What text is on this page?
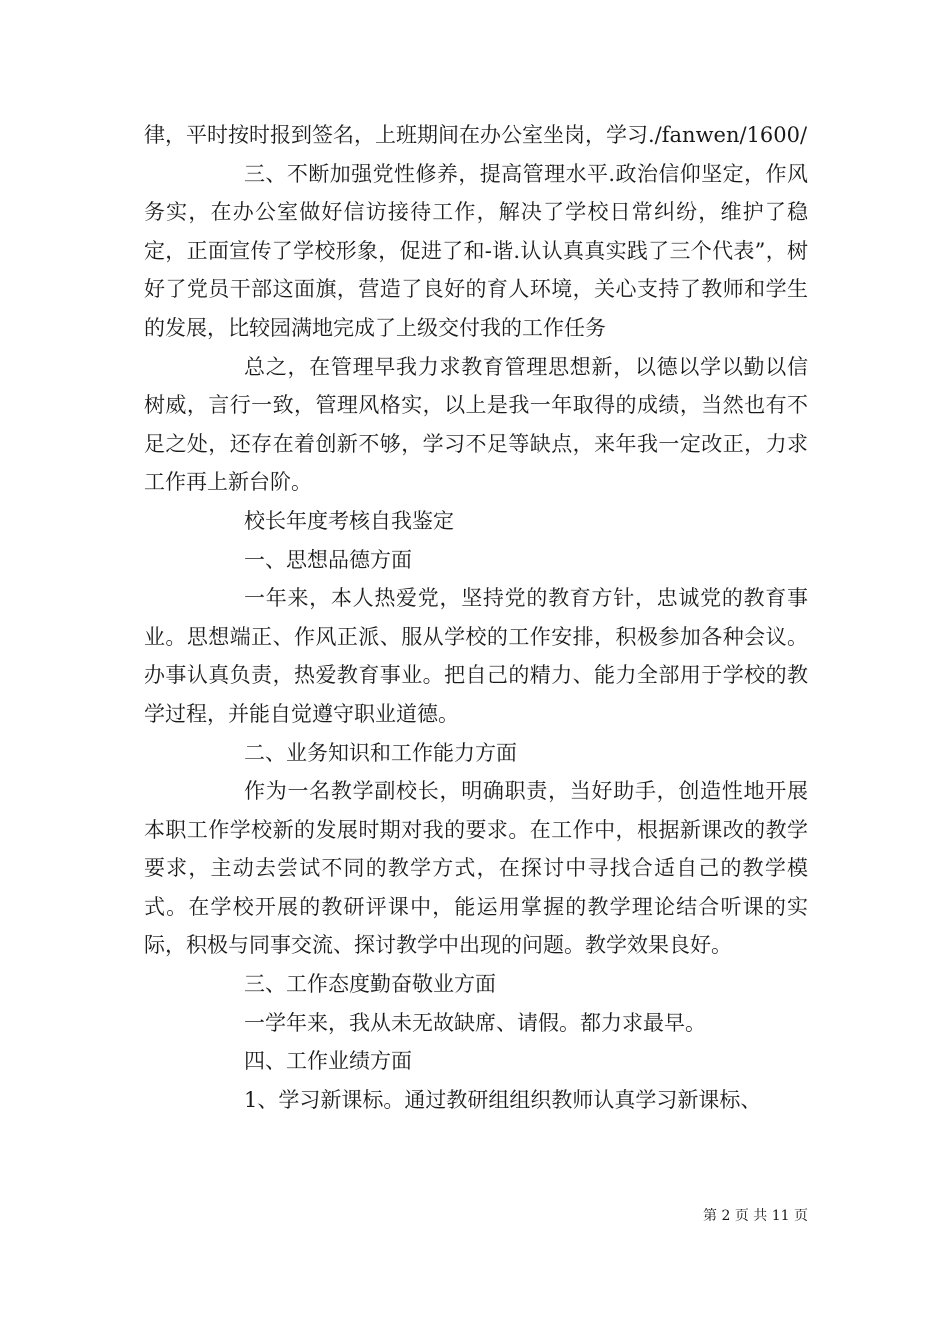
律，平时按时报到签名，上班期间在办公室坐岗，学习./fanwen/1600/

三、不断加强党性修养，提高管理水平.政治信仰坚定，作风务实，在办公室做好信访接待工作，解决了学校日常纠纷，维护了稳定，正面宣传了学校形象，促进了和-谐.认认真真实践了三个代表”，树好了党员干部这面旗，营造了良好的育人环境，关心支持了教师和学生的发展，比较园满地完成了上级交付我的工作任务

总之，在管理早我力求教育管理思想新，以德以学以勤以信树威，言行一致，管理风格实，以上是我一年取得的成绩，当然也有不足之处，还存在着创新不够，学习不足等缺点，来年我一定改正，力求工作再上新台阶。

校长年度考核自我鉴定

一、思想品德方面

一年来，本人热爱党，坚持党的教育方针，忠诚党的教育事业。思想端正、作风正派、服从学校的工作安排，积极参加各种会议。办事认真负责，热爱教育事业。把自己的精力、能力全部用于学校的教学过程，并能自觉遵守职业道德。

二、业务知识和工作能力方面

作为一名教学副校长，明确职责，当好助手，创造性地开展本职工作学校新的发展时期对我的要求。在工作中，根据新课改的教学要求，主动去尝试不同的教学方式，在探讨中寻找合适自己的教学模式。在学校开展的教研评课中，能运用掌握的教学理论结合听课的实际，积极与同事交流、探讨教学中出现的问题。教学效果良好。

三、工作态度勤奋敬业方面

一学年来，我从未无故缺席、请假。都力求最早。

四、工作业绩方面

1、学习新课标。通过教研组组织教师认真学习新课标、

第 2 页 共 11 页
